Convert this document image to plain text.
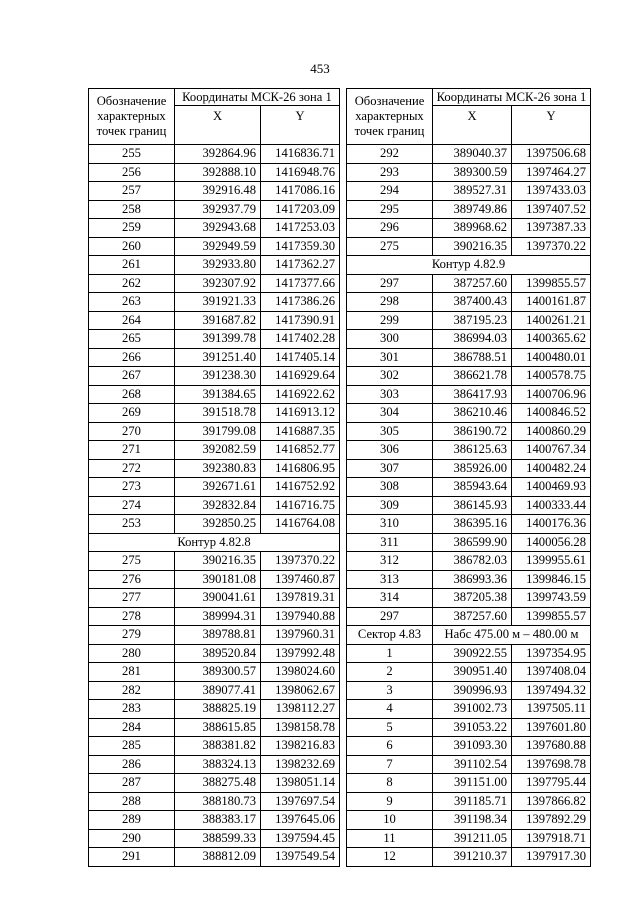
453
Обозначение характерных точек границ	Координаты МСК-26 зона 1	
	X	Y
255	392864.96	1416836.71
256	392888.10	1416948.76
257	392916.48	1417086.16
258	392937.79	1417203.09
259	392943.68	1417253.03
260	392949.59	1417359.30
261	392933.80	1417362.27
262	392307.92	1417377.66
263	391921.33	1417386.26
264	391687.82	1417390.91
265	391399.78	1417402.28
266	391251.40	1417405.14
267	391238.30	1416929.64
268	391384.65	1416922.62
269	391518.78	1416913.12
270	391799.08	1416887.35
271	392082.59	1416852.77
272	392380.83	1416806.95
273	392671.61	1416752.92
274	392832.84	1416716.75
253	392850.25	1416764.08
Контур 4.82.8		
275	390216.35	1397370.22
276	390181.08	1397460.87
277	390041.61	1397819.31
278	389994.31	1397940.88
279	389788.81	1397960.31
280	389520.84	1397992.48
281	389300.57	1398024.60
282	389077.41	1398062.67
283	388825.19	1398112.27
284	388615.85	1398158.78
285	388381.82	1398216.83
286	388324.13	1398232.69
287	388275.48	1398051.14
288	388180.73	1397697.54
289	388383.17	1397645.06
290	388599.33	1397594.45
291	388812.09	1397549.54
Обозначение характерных точек границ	Координаты МСК-26 зона 1	
	X	Y
292	389040.37	1397506.68
293	389300.59	1397464.27
294	389527.31	1397433.03
295	389749.86	1397407.52
296	389968.62	1397387.33
275	390216.35	1397370.22
Контур 4.82.9		
297	387257.60	1399855.57
298	387400.43	1400161.87
299	387195.23	1400261.21
300	386994.03	1400365.62
301	386788.51	1400480.01
302	386621.78	1400578.75
303	386417.93	1400706.96
304	386210.46	1400846.52
305	386190.72	1400860.29
306	386125.63	1400767.34
307	385926.00	1400482.24
308	385943.64	1400469.93
309	386145.93	1400333.44
310	386395.16	1400176.36
311	386599.90	1400056.28
312	386782.03	1399955.61
313	386993.36	1399846.15
314	387205.38	1399743.59
297	387257.60	1399855.57
Сектор 4.83	Набс 475.00 м – 480.00 м	
1	390922.55	1397354.95
2	390951.40	1397408.04
3	390996.93	1397494.32
4	391002.73	1397505.11
5	391053.22	1397601.80
6	391093.30	1397680.88
7	391102.54	1397698.78
8	391151.00	1397795.44
9	391185.71	1397866.82
10	391198.34	1397892.29
11	391211.05	1397918.71
12	391210.37	1397917.30
